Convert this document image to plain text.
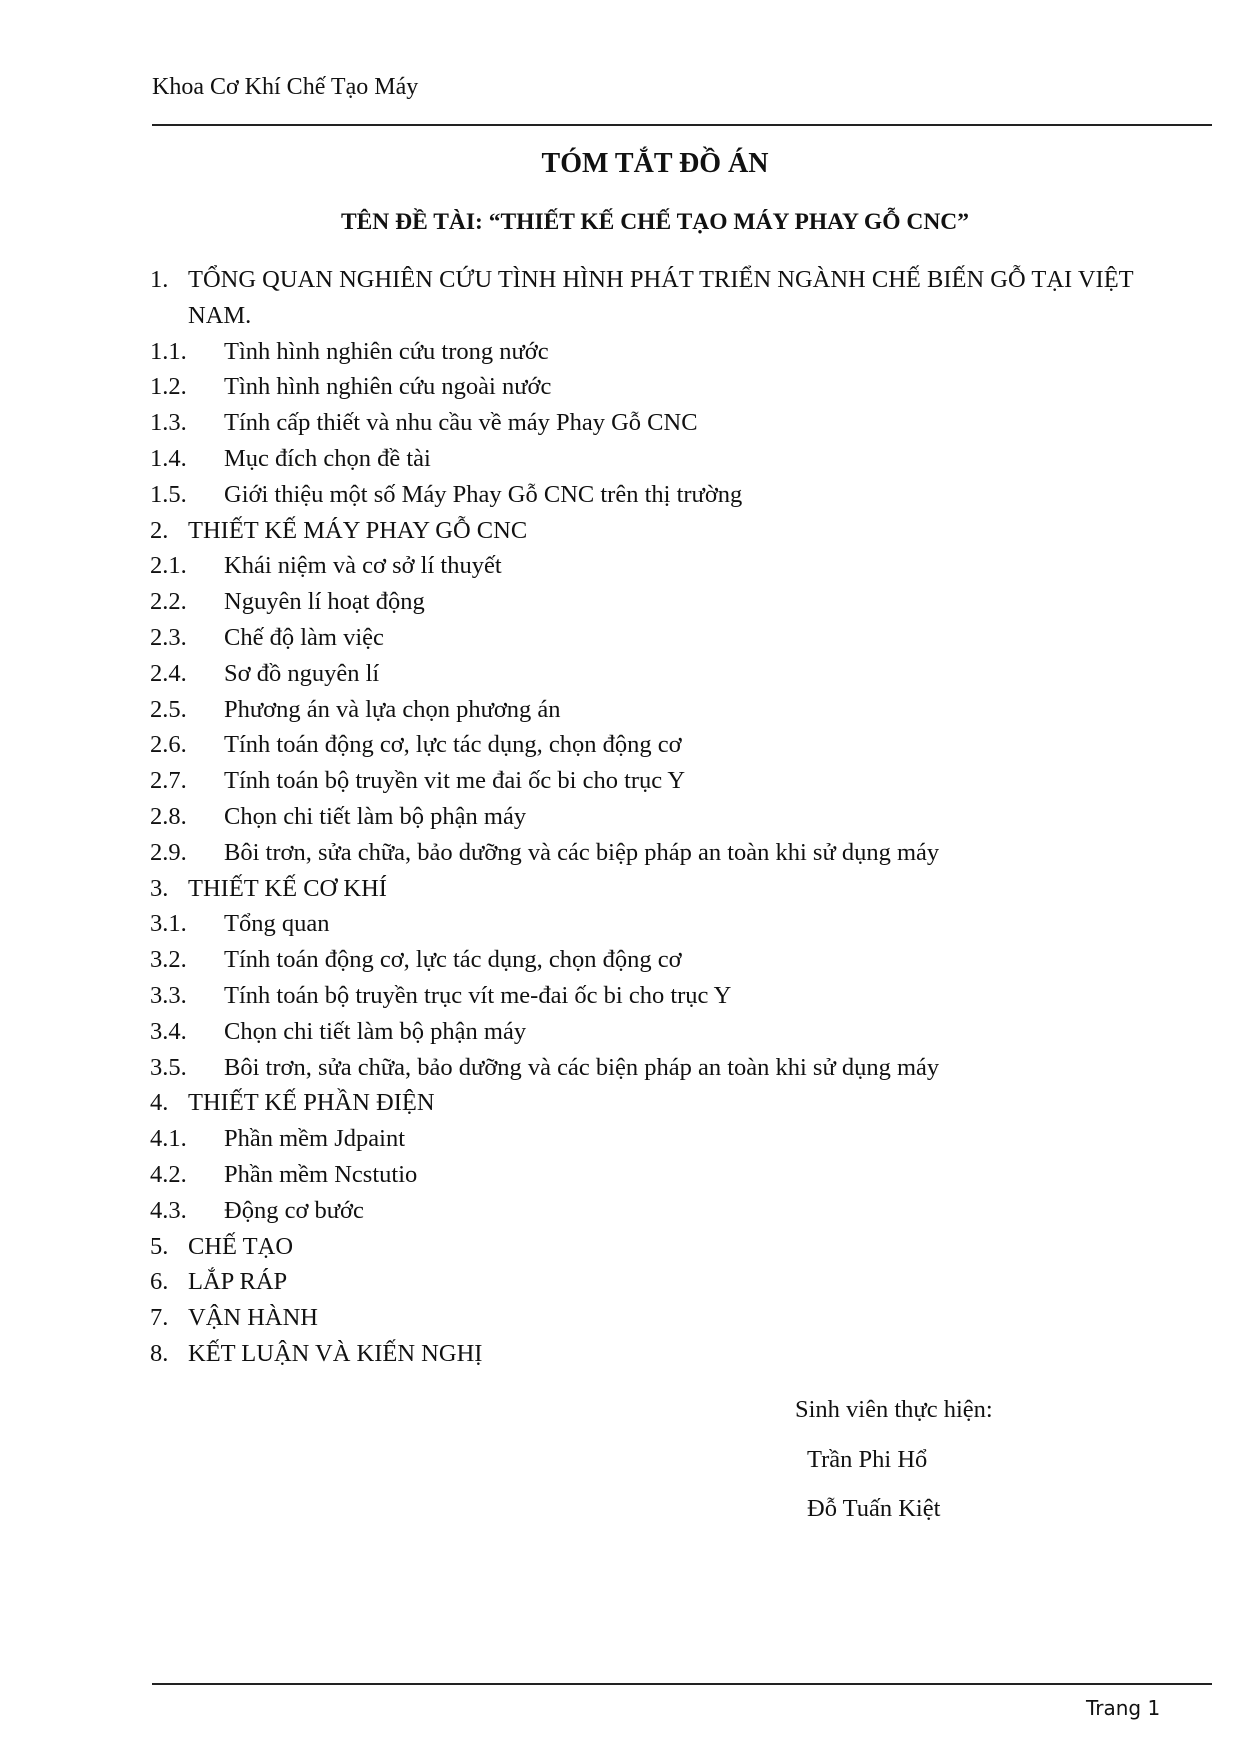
Khoa Cơ Khí Chế Tạo Máy
TÓM TẮT ĐỒ ÁN
TÊN ĐỀ TÀI: “THIẾT KẾ CHẾ TẠO MÁY PHAY GỖ CNC”
1. TỔNG QUAN NGHIÊN CỨU TÌNH HÌNH PHÁT TRIỂN NGÀNH CHẾ BIẾN GỖ TẠI VIỆT NAM.
1.1.	Tình hình nghiên cứu trong nước
1.2.	Tình hình nghiên cứu ngoài nước
1.3.	Tính cấp thiết và nhu cầu về máy Phay Gỗ CNC
1.4.	Mục đích chọn đề tài
1.5.	Giới thiệu một số Máy Phay Gỗ CNC trên thị trường
2. THIẾT KẾ MÁY PHAY GỖ CNC
2.1.	Khái niệm và cơ sở lí thuyết
2.2.	Nguyên lí hoạt động
2.3.	Chế độ làm việc
2.4.	Sơ đồ nguyên lí
2.5.	Phương án và lựa chọn phương án
2.6.	Tính toán động cơ, lực tác dụng, chọn động cơ
2.7.	Tính toán bộ truyền vit me đai ốc bi cho trục Y
2.8.	Chọn chi tiết làm bộ phận máy
2.9.	Bôi trơn, sửa chữa, bảo dưỡng và các biệp pháp an toàn khi sử dụng máy
3. THIẾT KẾ CƠ KHÍ
3.1.	Tổng quan
3.2.	Tính toán động cơ, lực tác dụng, chọn động cơ
3.3.	Tính toán bộ truyền trục vít me-đai ốc bi cho trục Y
3.4.	Chọn chi tiết làm bộ phận máy
3.5.	Bôi trơn, sửa chữa, bảo dưỡng và các biện pháp an toàn khi sử dụng máy
4. THIẾT KẾ PHẦN ĐIỆN
4.1.	Phần mềm Jdpaint
4.2.	Phần mềm Ncstutio
4.3.	Động cơ bước
5. CHẾ TẠO
6. LẮP RÁP
7. VẬN HÀNH
8. KẾT LUẬN VÀ KIẾN NGHỊ
Sinh viên thực hiện:
Trần Phi Hổ
Đỗ Tuấn Kiệt
Trang 1
